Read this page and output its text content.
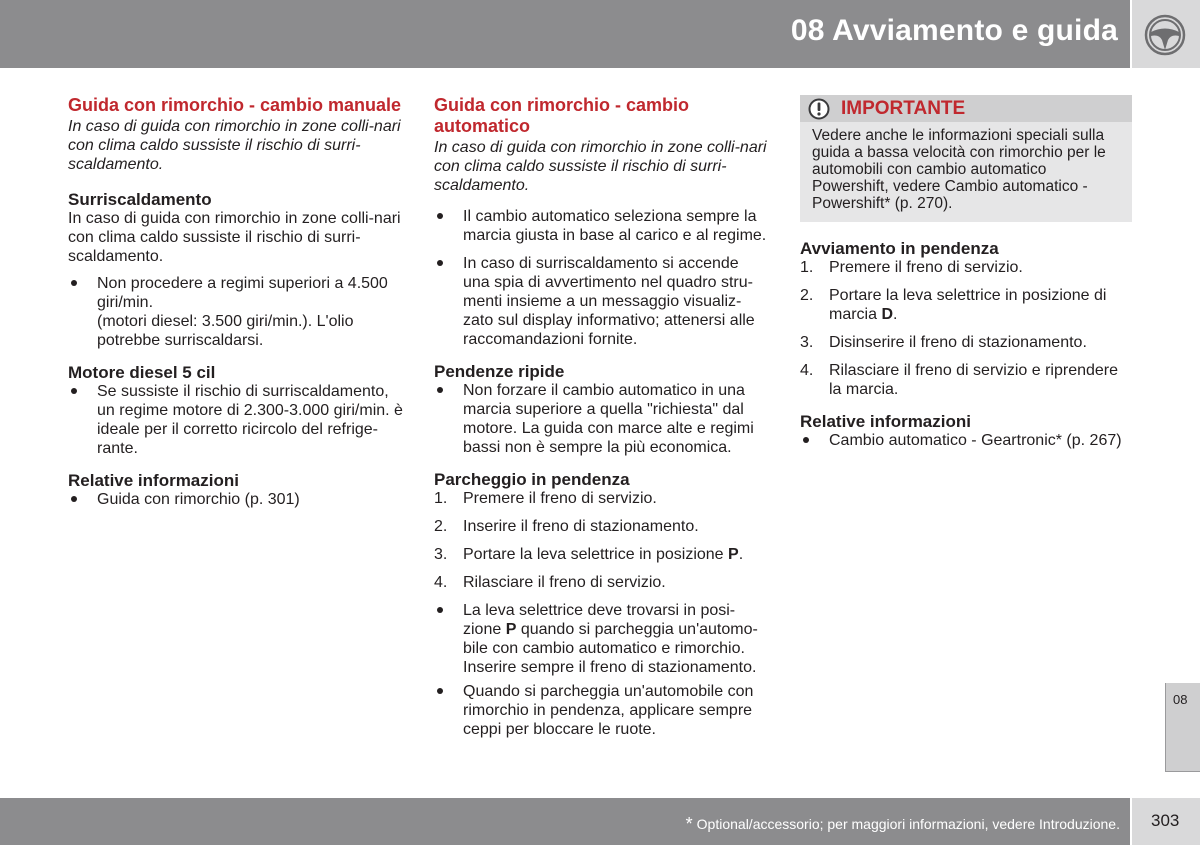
08 Avviamento e guida
Guida con rimorchio - cambio manuale

In caso di guida con rimorchio in zone colli-nari con clima caldo sussiste il rischio di surri-scaldamento.

Surriscaldamento

In caso di guida con rimorchio in zone colli-nari con clima caldo sussiste il rischio di surri-scaldamento.

Non procedere a regimi superiori a 4.500 giri/min.
(motori diesel: 3.500 giri/min.). L'olio potrebbe surriscaldarsi.
Motore diesel 5 cil
Se sussiste il rischio di surriscaldamento, un regime motore di 2.300-3.000 giri/min. è ideale per il corretto ricircolo del refrige-rante.
Relative informazioni
Guida con rimorchio (p. 301)
Guida con rimorchio - cambio automatico

In caso di guida con rimorchio in zone colli-nari con clima caldo sussiste il rischio di surri-scaldamento.

Il cambio automatico seleziona sempre la marcia giusta in base al carico e al regime.
In caso di surriscaldamento si accende una spia di avvertimento nel quadro stru-menti insieme a un messaggio visualiz-zato sul display informativo; attenersi alle raccomandazioni fornite.
Pendenze ripide
Non forzare il cambio automatico in una marcia superiore a quella "richiesta" dal motore. La guida con marce alte e regimi bassi non è sempre la più economica.
Parcheggio in pendenza
1. Premere il freno di servizio.
2. Inserire il freno di stazionamento.
3. Portare la leva selettrice in posizione P.
4. Rilasciare il freno di servizio.
La leva selettrice deve trovarsi in posi-zione P quando si parcheggia un'automo-bile con cambio automatico e rimorchio. Inserire sempre il freno di stazionamento.
Quando si parcheggia un'automobile con rimorchio in pendenza, applicare sempre ceppi per bloccare le ruote.
IMPORTANTE
Vedere anche le informazioni speciali sulla guida a bassa velocità con rimorchio per le automobili con cambio automatico Powershift, vedere Cambio automatico - Powershift* (p. 270).
Avviamento in pendenza
1. Premere il freno di servizio.
2. Portare la leva selettrice in posizione di marcia D.
3. Disinserire il freno di stazionamento.
4. Rilasciare il freno di servizio e riprendere la marcia.
Relative informazioni
Cambio automatico - Geartronic* (p. 267)
08
* Optional/accessorio; per maggiori informazioni, vedere Introduzione. 303
